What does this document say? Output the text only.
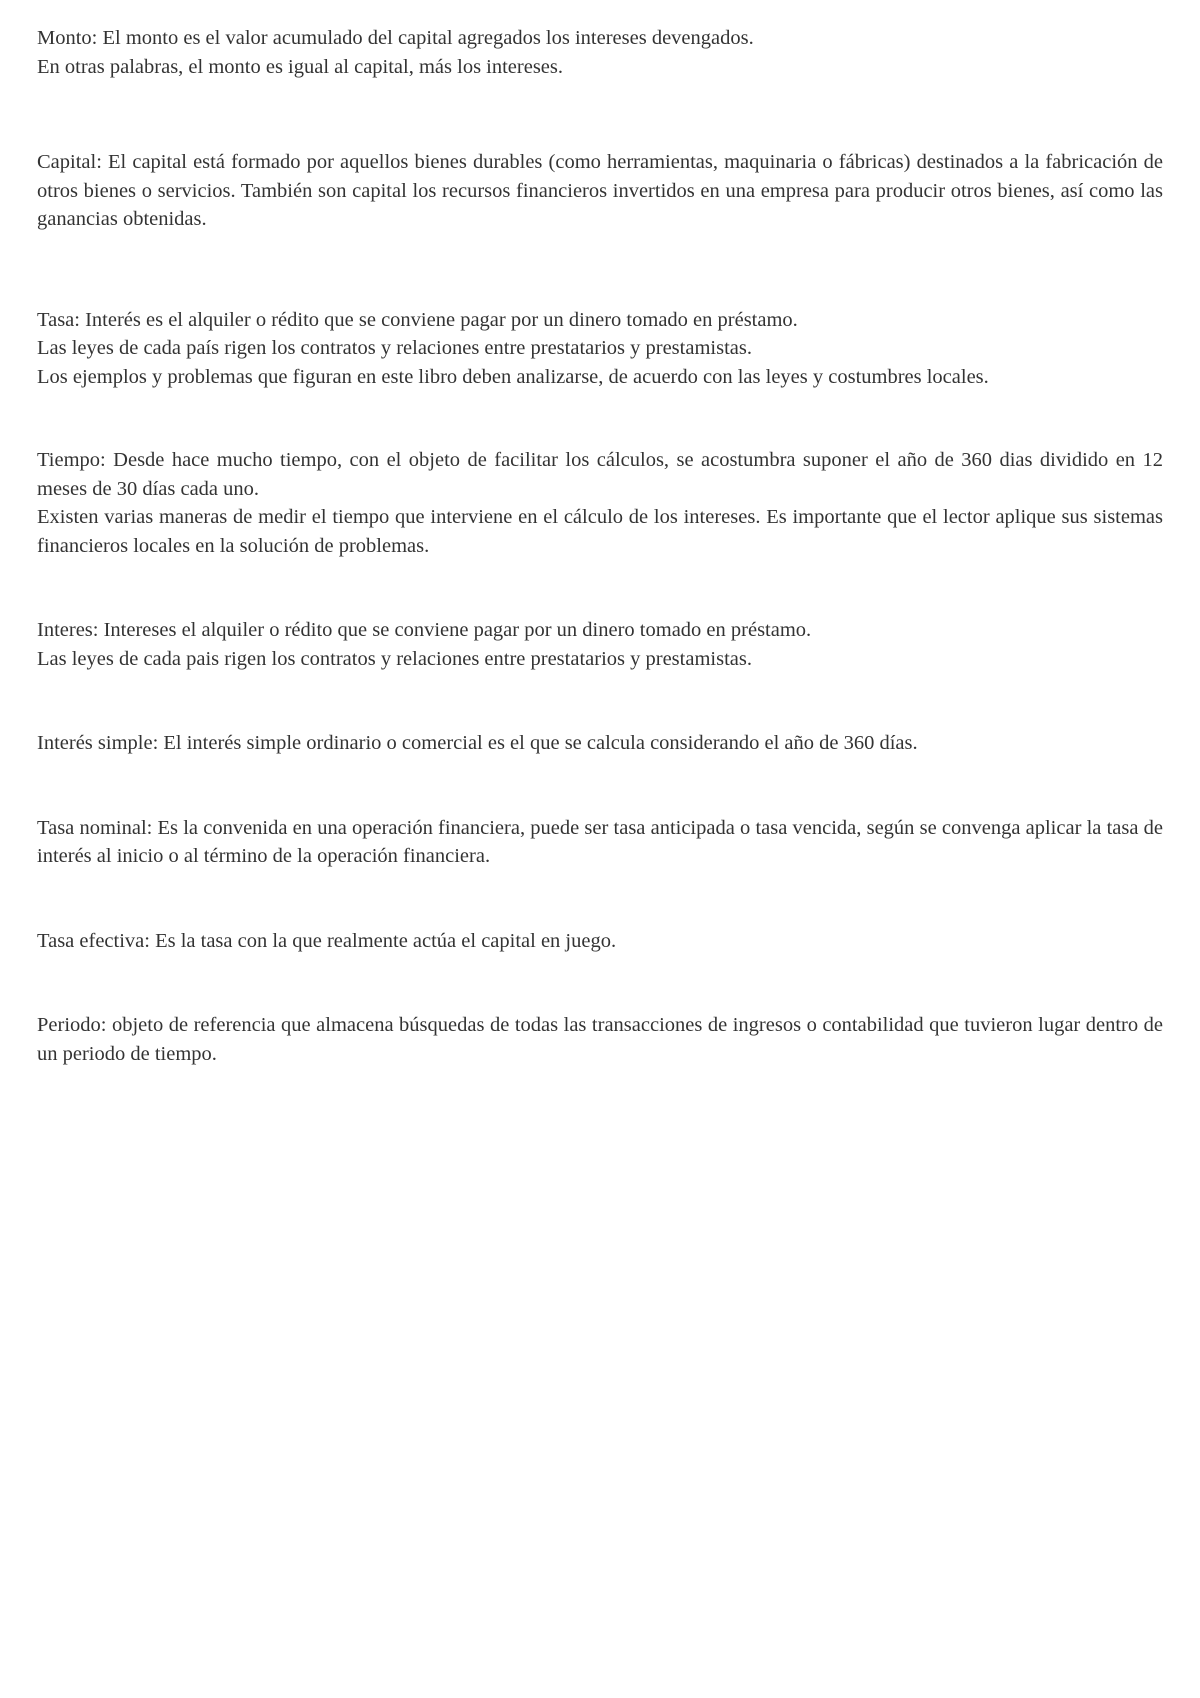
Monto: El monto es el valor acumulado del capital agregados los intereses devengados.

En otras palabras, el monto es igual al capital, más los intereses.

Capital: El capital está formado por aquellos bienes durables (como herramientas, maquinaria o fábricas) destinados a la fabricación de otros bienes o servicios. También son capital los recursos financieros invertidos en una empresa para producir otros bienes, así como las ganancias obtenidas.

Tasa: Interés es el alquiler o rédito que se conviene pagar por un dinero tomado en préstamo.

Las leyes de cada país rigen los contratos y relaciones entre prestatarios y prestamistas.

Los ejemplos y problemas que figuran en este libro deben analizarse, de acuerdo con las leyes y costumbres locales.

Tiempo: Desde hace mucho tiempo, con el objeto de facilitar los cálculos, se acostumbra suponer el año de 360 dias dividido en 12 meses de 30 días cada uno.

Existen varias maneras de medir el tiempo que interviene en el cálculo de los intereses. Es importante que el lector aplique sus sistemas financieros locales en la solución de problemas.

Interes: Intereses el alquiler o rédito que se conviene pagar por un dinero tomado en préstamo.

Las leyes de cada pais rigen los contratos y relaciones entre prestatarios y prestamistas.

Interés simple: El interés simple ordinario o comercial es el que se calcula considerando el año de 360 días.

Tasa nominal: Es la convenida en una operación financiera, puede ser tasa anticipada o tasa vencida, según se convenga aplicar la tasa de interés al inicio o al término de la operación financiera.

Tasa efectiva: Es la tasa con la que realmente actúa el capital en juego.

Periodo: objeto de referencia que almacena búsquedas de todas las transacciones de ingresos o contabilidad que tuvieron lugar dentro de un periodo de tiempo.
